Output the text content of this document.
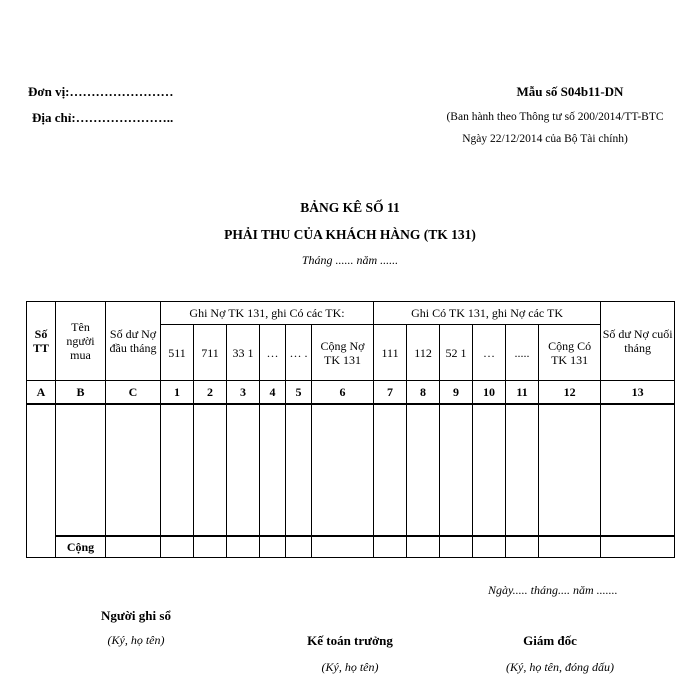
Đơn vị:……………………
Địa chỉ:…………………..
Mẫu số S04b11-DN
(Ban hành theo Thông tư số 200/2014/TT-BTC
Ngày 22/12/2014 của Bộ Tài chính)
BẢNG KÊ SỐ 11
PHẢI THU CỦA KHÁCH HÀNG (TK 131)
Tháng ...... năm ......
Số TT	Tên người mua	Số dư Nợ đầu tháng	Ghi Nợ TK 131, ghi Có các TK:						Ghi Có TK 131, ghi Nợ các TK						Số dư Nợ cuối tháng
			511	711	33 1	…	… .	Cộng Nợ TK 131	111	112	52 1	…	.....	Cộng Có TK 131	
A	B	C	1	2	3	4	5	6	7	8	9	10	11	12	13

	Cộng														
Ngày..... tháng.... năm .......
Người ghi sổ
(Ký, họ tên)	Kế toán trưởng
(Ký, họ tên)
Giám đốc
(Ký, họ tên, đóng dấu)
